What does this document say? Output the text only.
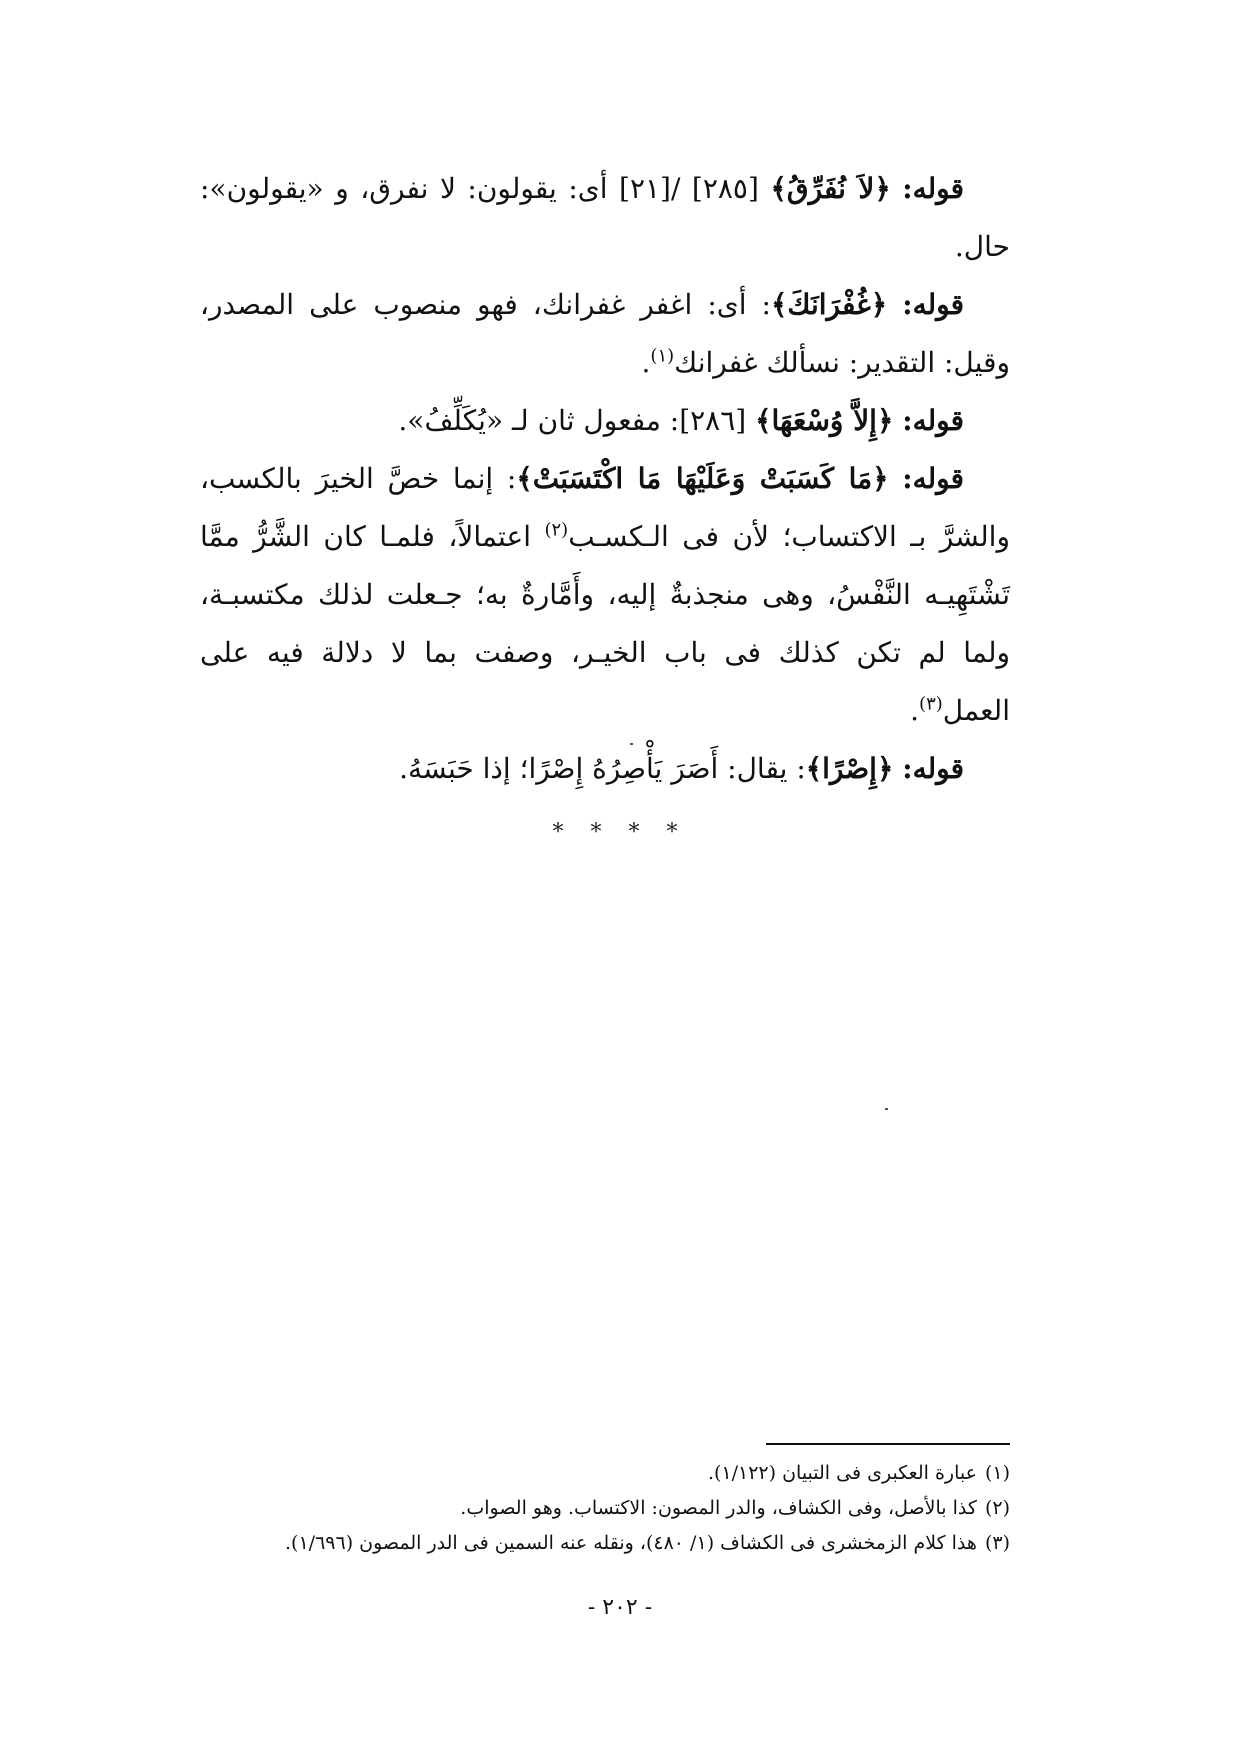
قوله: ﴿لاَ نُفَرِّقُ﴾ [٢٨٥] /[٢١] أى: يقولون: لا نفرق، و «يقولون»: حال.

قوله: ﴿غُفْرَانَكَ﴾: أى: اغفر غفرانك، فهو منصوب على المصدر، وقيل: التقدير: نسألك غفرانك$^{(١)}$.

قوله: ﴿إِلاَّ وُسْعَهَا﴾ [٢٨٦]: مفعول ثان لـ «يُكَلِّفُ».

قوله: ﴿مَا كَسَبَتْ وَعَلَيْهَا مَا اكْتَسَبَتْ﴾: إنما خصَّ الخيرَ بالكسب، والشرَّ بـ الاكتساب؛ لأن فى الـكسـب$^{(٢)}$ اعتمالاً، فلمـا كان الشَّرُّ ممَّا تَشْتَهِيـه النَّفْسُ، وهى منجذبةٌ إليه، وأَمَّارةٌ به؛ جـعلت لذلك مكتسبـة، ولما لم تكن كذلك فى باب الخيـر، وصفت بما لا دلالة فيه على العمل$^{(٣)}$.

قوله: ﴿إِصْرًا﴾: يقال: أَصَرَ يَأْصِرُهُ إِصْرًا؛ إذا حَبَسَهُ.

* * * *

(١)عبارة العكبرى فى التبيان (١/١٢٢).

(٢)كذا بالأصل، وفى الكشاف، والدر المصون: الاكتساب. وهو الصواب.

(٣)هذا كلام الزمخشرى فى الكشاف (١/ ٤٨٠)، ونقله عنه السمين فى الدر المصون (١/٦٩٦).

- ٢٠٢ -
